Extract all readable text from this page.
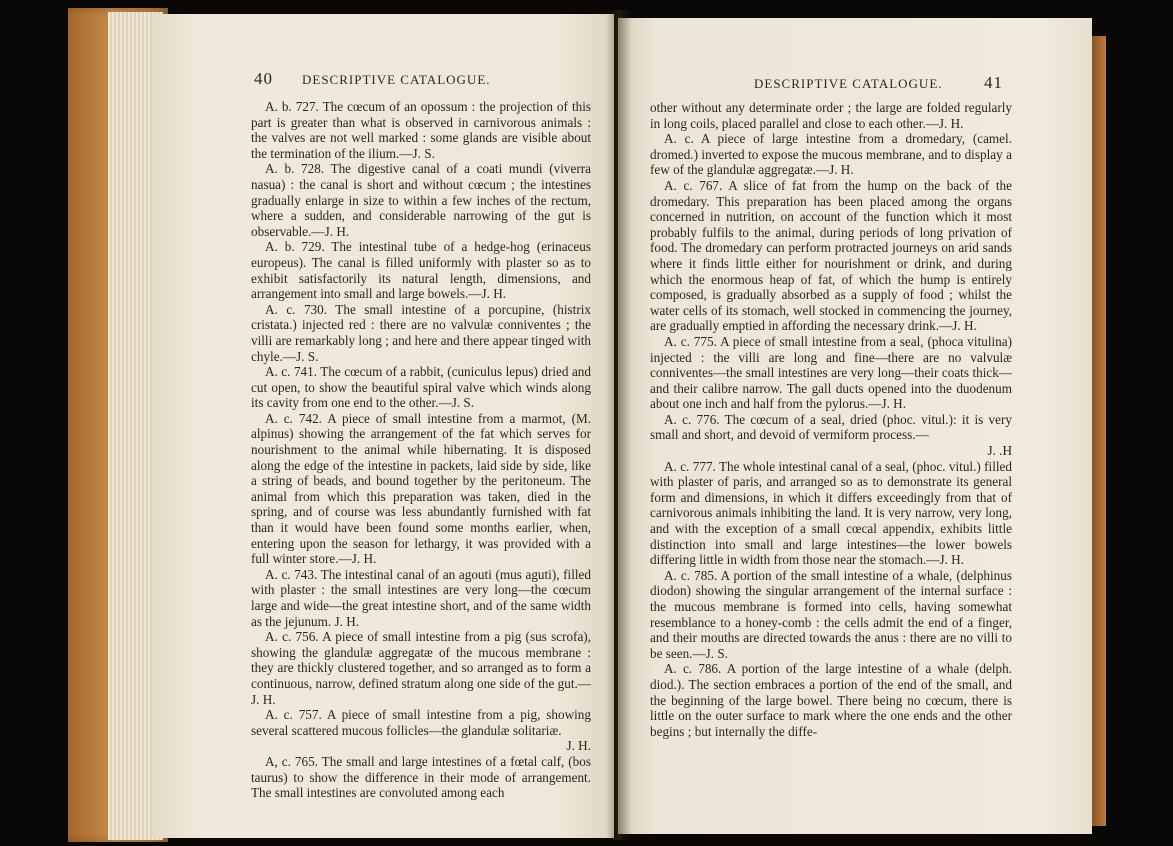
40 DESCRIPTIVE CATALOGUE.

A. b. 727. The cœcum of an opossum : the projection of this part is greater than what is observed in carnivorous animals : the valves are not well marked : some glands are visible about the termination of the ilium.—J. S.

A. b. 728. The digestive canal of a coati mundi (viverra nasua) : the canal is short and without cœcum ; the intestines gradually enlarge in size to within a few inches of the rectum, where a sudden, and considerable narrowing of the gut is observable.—J. H.

A. b. 729. The intestinal tube of a hedge-hog (erinaceus europeus). The canal is filled uniformly with plaster so as to exhibit satisfactorily its natural length, dimensions, and arrangement into small and large bowels.—J. H.

A. c. 730. The small intestine of a porcupine, (histrix cristata.) injected red : there are no valvulæ conniventes ; the villi are remarkably long ; and here and there appear tinged with chyle.—J. S.

A. c. 741. The cœcum of a rabbit, (cuniculus lepus) dried and cut open, to show the beautiful spiral valve which winds along its cavity from one end to the other.—J. S.

A. c. 742. A piece of small intestine from a marmot, (M. alpinus) showing the arrangement of the fat which serves for nourishment to the animal while hibernating. It is disposed along the edge of the intestine in packets, laid side by side, like a string of beads, and bound together by the peritoneum. The animal from which this preparation was taken, died in the spring, and of course was less abundantly furnished with fat than it would have been found some months earlier, when, entering upon the season for lethargy, it was provided with a full winter store.—J. H.

A. c. 743. The intestinal canal of an agouti (mus aguti), filled with plaster : the small intestines are very long—the cœcum large and wide—the great intestine short, and of the same width as the jejunum. J. H.

A. c. 756. A piece of small intestine from a pig (sus scrofa), showing the glandulæ aggregatæ of the mucous membrane : they are thickly clustered together, and so arranged as to form a continuous, narrow, defined stratum along one side of the gut.—J. H.

A. c. 757. A piece of small intestine from a pig, showing several scattered mucous follicles—the glandulæ solitariæ.

J. H.

A, c. 765. The small and large intestines of a fœtal calf, (bos taurus) to show the difference in their mode of arrangement. The small intestines are convoluted among each

DESCRIPTIVE CATALOGUE. 41

other without any determinate order ; the large are folded regularly in long coils, placed parallel and close to each other.—J. H.

A. c. A piece of large intestine from a dromedary, (camel. dromed.) inverted to expose the mucous membrane, and to display a few of the glandulæ aggregatæ.—J. H.

A. c. 767. A slice of fat from the hump on the back of the dromedary. This preparation has been placed among the organs concerned in nutrition, on account of the function which it most probably fulfils to the animal, during periods of long privation of food. The dromedary can perform protracted journeys on arid sands where it finds little either for nourishment or drink, and during which the enormous heap of fat, of which the hump is entirely composed, is gradually absorbed as a supply of food ; whilst the water cells of its stomach, well stocked in commencing the journey, are gradually emptied in affording the necessary drink.—J. H.

A. c. 775. A piece of small intestine from a seal, (phoca vitulina) injected : the villi are long and fine—there are no valvulæ conniventes—the small intestines are very long—their coats thick—and their calibre narrow. The gall ducts opened into the duodenum about one inch and half from the pylorus.—J. H.

A. c. 776. The cœcum of a seal, dried (phoc. vitul.): it is very small and short, and devoid of vermiform process.—

J. .H

A. c. 777. The whole intestinal canal of a seal, (phoc. vitul.) filled with plaster of paris, and arranged so as to demonstrate its general form and dimensions, in which it differs exceedingly from that of carnivorous animals inhibiting the land. It is very narrow, very long, and with the exception of a small cœcal appendix, exhibits little distinction into small and large intestines—the lower bowels differing little in width from those near the stomach.—J. H.

A. c. 785. A portion of the small intestine of a whale, (delphinus diodon) showing the singular arrangement of the internal surface : the mucous membrane is formed into cells, having somewhat resemblance to a honey-comb : the cells admit the end of a finger, and their mouths are directed towards the anus : there are no villi to be seen.—J. S.

A. c. 786. A portion of the large intestine of a whale (delph. diod.). The section embraces a portion of the end of the small, and the beginning of the large bowel. There being no cœcum, there is little on the outer surface to mark where the one ends and the other begins ; but internally the diffe-
